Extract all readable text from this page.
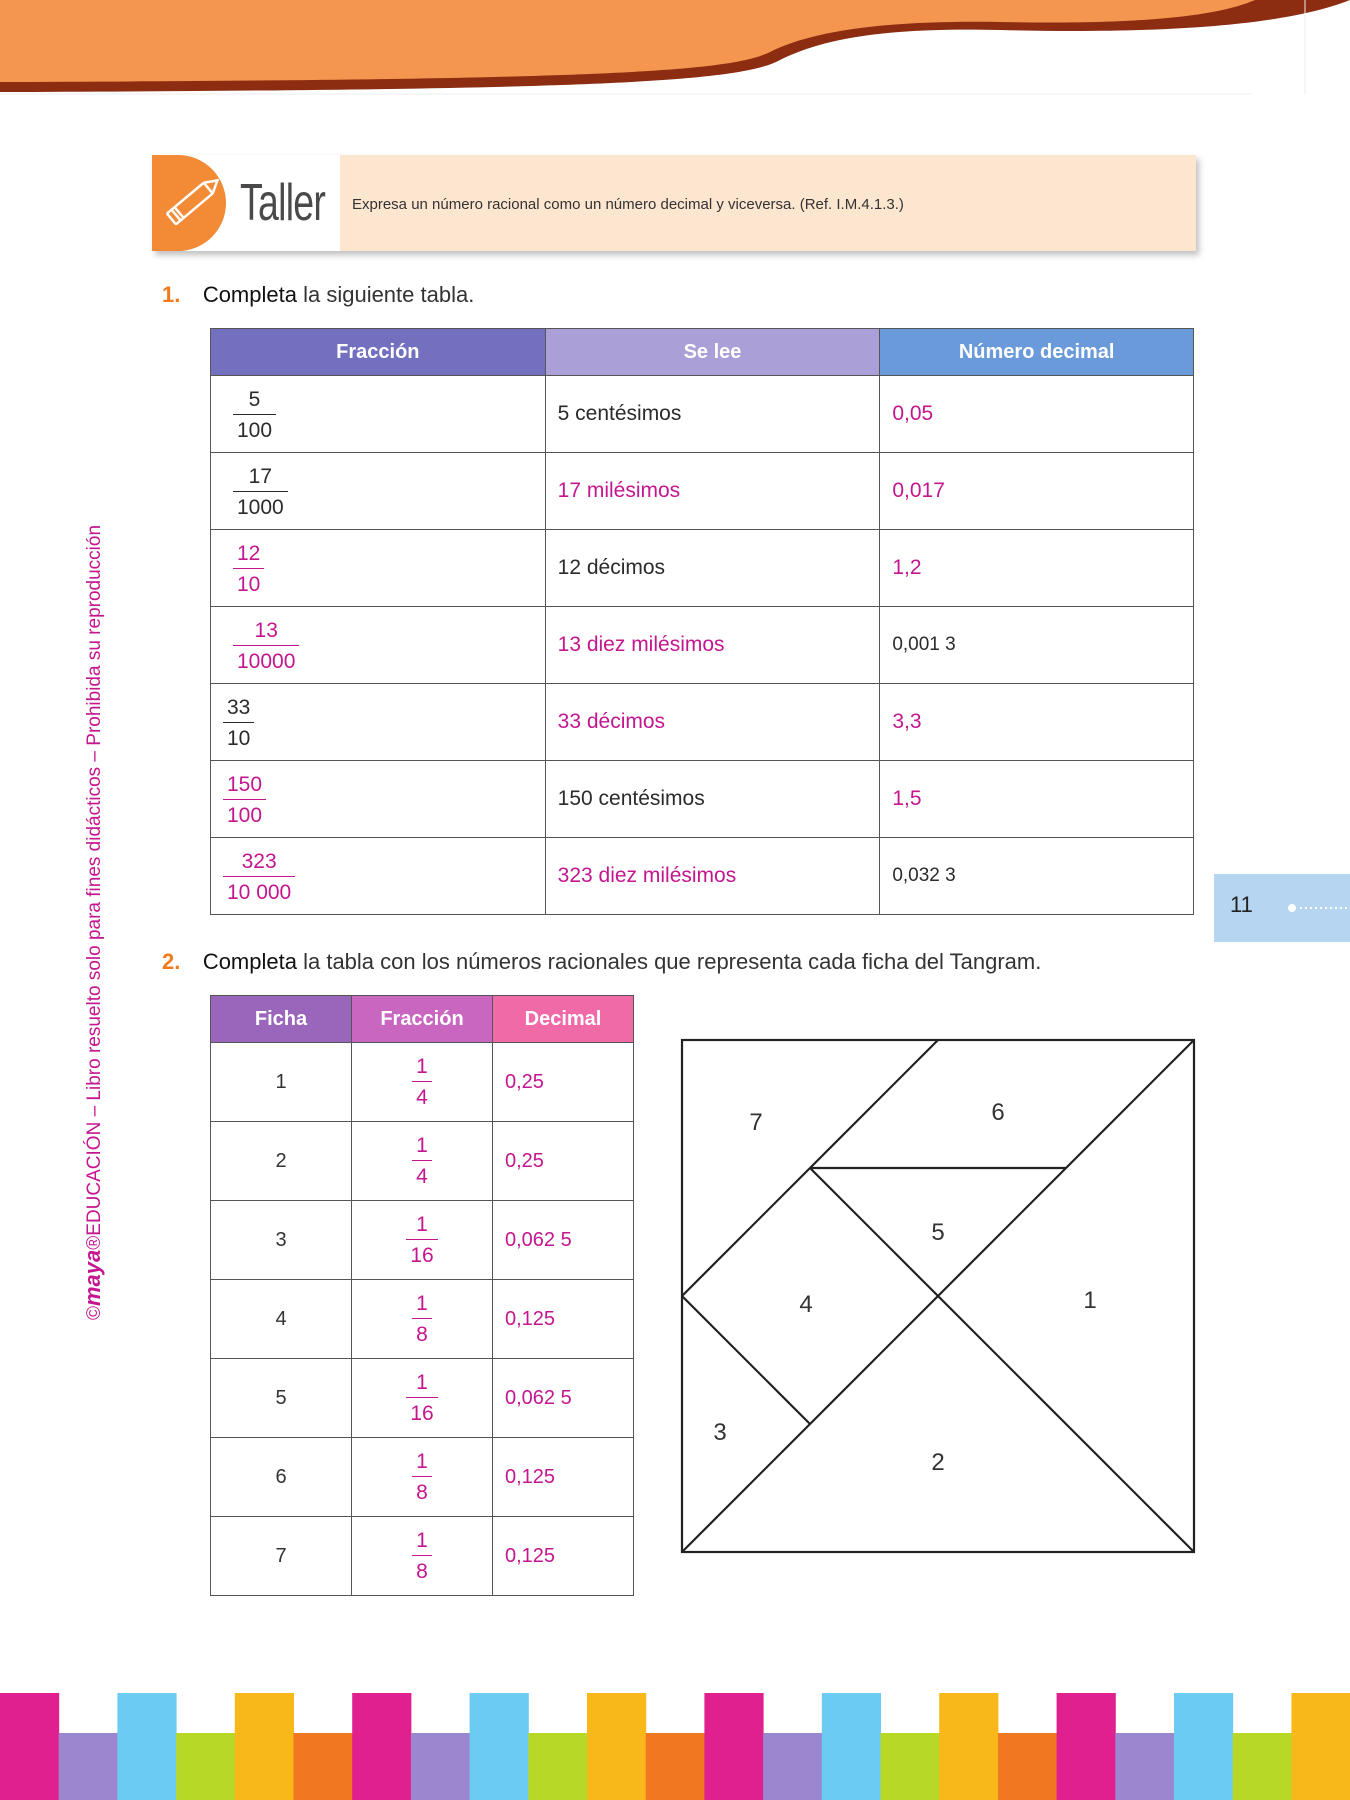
Taller Expresa un número racional como un número decimal y viceversa. (Ref. I.M.4.1.3.)
1. Completa la siguiente tabla.
Fracción	Se lee	Número decimal

$\frac{5}{100}$	5 centésimos	0,05

$\frac{17}{1000}$	17 milésimos	0,017

$\frac{12}{10}$	12 décimos	1,2

$\frac{13}{10000}$	13 diez milésimos	0,001 3

$\frac{33}{10}$	33 décimos	3,3

$\frac{150}{100}$	150 centésimos	1,5

$\frac{323}{10 000}$	323 diez milésimos	0,032 3
2. Completa la tabla con los números racionales que representa cada ficha del Tangram.
Ficha	Fracción	Decimal
1	$\frac{1}{4}$	0,25
2	$\frac{1}{4}$	0,25
3	$\frac{1}{16}$	0,062 5
4	$\frac{1}{8}$	0,125
5	$\frac{1}{16}$	0,062 5
6	$\frac{1}{8}$	0,125
7	$\frac{1}{8}$	0,125
1
2
3
4
5
6
7
11
©maya®EDUCACIÓN – Libro resuelto solo para fines didácticos – Prohibida su reproducción
